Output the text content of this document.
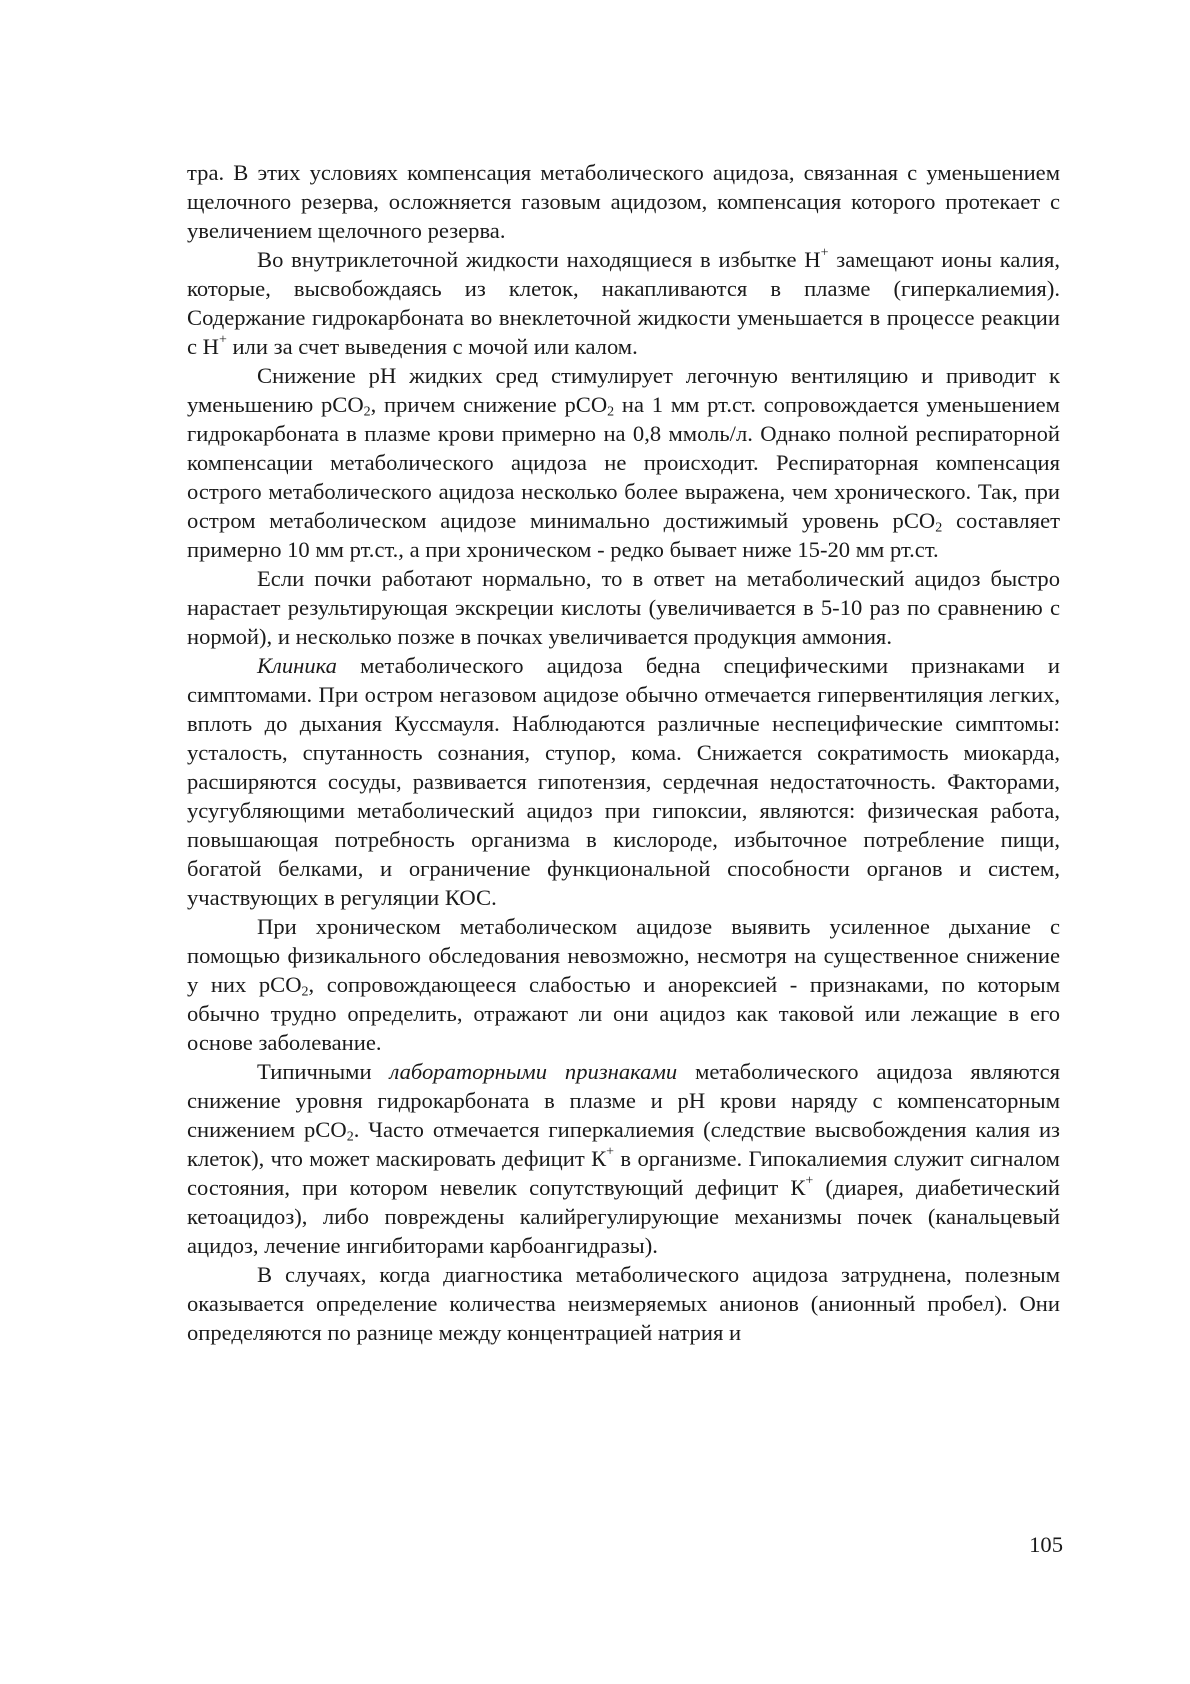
тра. В этих условиях компенсация метаболического ацидоза, связанная с уменьшением щелочного резерва, осложняется газовым ацидозом, компенсация которого протекает с увеличением щелочного резерва.

Во внутриклеточной жидкости находящиеся в избытке Н+ замещают ионы калия, которые, высвобождаясь из клеток, накапливаются в плазме (гиперкалиемия). Содержание гидрокарбоната во внеклеточной жидкости уменьшается в процессе реакции с Н+ или за счет выведения с мочой или калом.

Снижение рН жидких сред стимулирует легочную вентиляцию и приводит к уменьшению рСО$_2$, причем снижение рСО$_2$ на 1 мм рт.ст. сопровождается уменьшением гидрокарбоната в плазме крови примерно на 0,8 ммоль/л. Однако полной респираторной компенсации метаболического ацидоза не происходит. Респираторная компенсация острого метаболического ацидоза несколько более выражена, чем хронического. Так, при остром метаболическом ацидозе минимально достижимый уровень рСО$_2$ составляет примерно 10 мм рт.ст., а при хроническом - редко бывает ниже 15-20 мм рт.ст.

Если почки работают нормально, то в ответ на метаболический ацидоз быстро нарастает результирующая экскреции кислоты (увеличивается в 5-10 раз по сравнению с нормой), и несколько позже в почках увеличивается продукция аммония.

Клиника метаболического ацидоза бедна специфическими признаками и симптомами. При остром негазовом ацидозе обычно отмечается гипервентиляция легких, вплоть до дыхания Куссмауля. Наблюдаются различные неспецифические симптомы: усталость, спутанность сознания, ступор, кома. Снижается сократимость миокарда, расширяются сосуды, развивается гипотензия, сердечная недостаточность. Факторами, усугубляющими метаболический ацидоз при гипоксии, являются: физическая работа, повышающая потребность организма в кислороде, избыточное потребление пищи, богатой белками, и ограничение функциональной способности органов и систем, участвующих в регуляции КОС.

При хроническом метаболическом ацидозе выявить усиленное дыхание с помощью физикального обследования невозможно, несмотря на существенное снижение у них рСО$_2$, сопровождающееся слабостью и анорексией - признаками, по которым обычно трудно определить, отражают ли они ацидоз как таковой или лежащие в его основе заболевание.

Типичными лабораторными признаками метаболического ацидоза являются снижение уровня гидрокарбоната в плазме и рН крови наряду с компенсаторным снижением рСО$_2$. Часто отмечается гиперкалиемия (следствие высвобождения калия из клеток), что может маскировать дефицит К+ в организме. Гипокалиемия служит сигналом состояния, при котором невелик сопутствующий дефицит К+ (диарея, диабетический кетоацидоз), либо повреждены калийрегулирующие механизмы почек (канальцевый ацидоз, лечение ингибиторами карбоангидразы).

В случаях, когда диагностика метаболического ацидоза затруднена, полезным оказывается определение количества неизмеряемых анионов (анионный пробел). Они определяются по разнице между концентрацией натрия и

105
